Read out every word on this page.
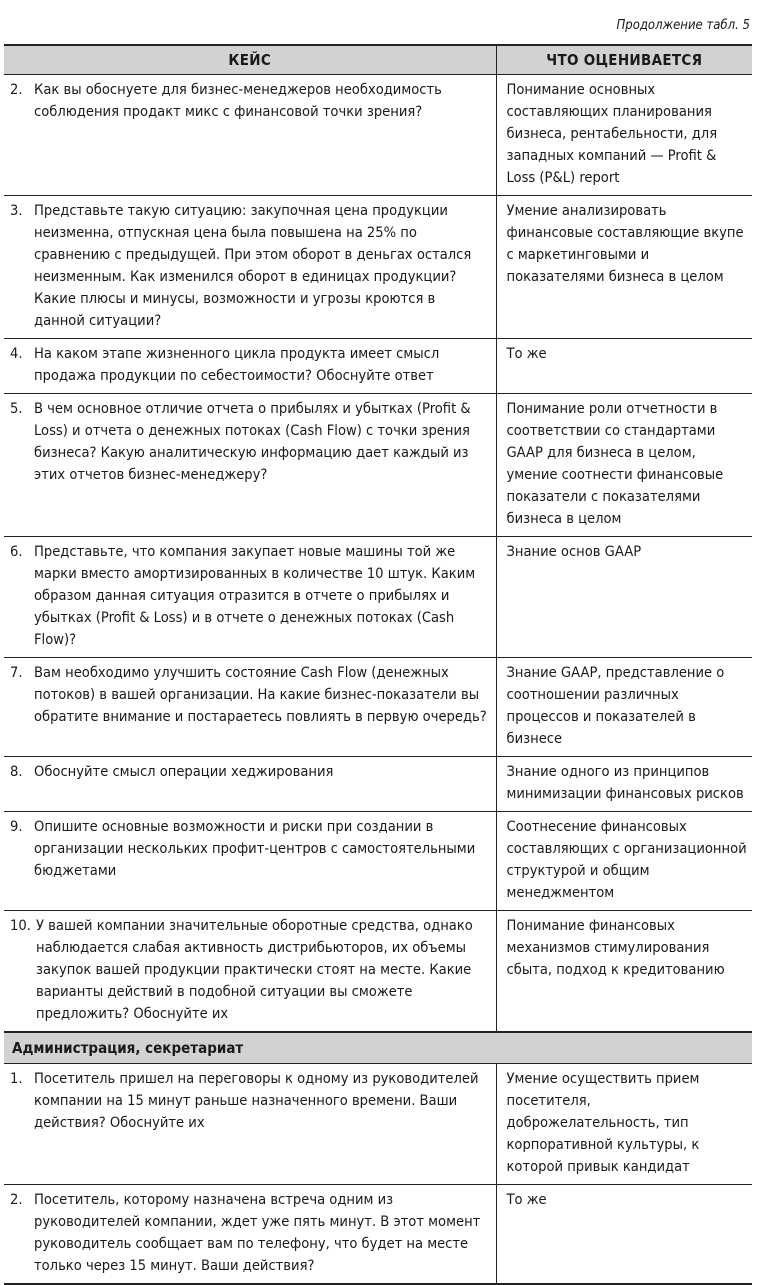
Продолжение табл. 5
КЕЙС	ЧТО ОЦЕНИВАЕТСЯ

2. Как вы обоснуете для бизнес-менеджеров необходимость соблюдения продакт микс с финансовой точки зрения?	Понимание основных составляющих планирования бизнеса, рентабельности, для западных компаний — Profit & Loss (P&L) report

3. Представьте такую ситуацию: закупочная цена продукции неизменна, отпускная цена была повышена на 25% по сравнению с предыдущей. При этом оборот в деньгах остался неизменным. Как изменился оборот в единицах продукции? Какие плюсы и минусы, возможности и угрозы кроются в данной ситуации?	Умение анализировать финансовые составляющие вкупе с маркетинговыми и показателями бизнеса в целом

4. На каком этапе жизненного цикла продукта имеет смысл продажа продукции по себестоимости? Обоснуйте ответ	То же

5. В чем основное отличие отчета о прибылях и убытках (Profit & Loss) и отчета о денежных потоках (Cash Flow) с точки зрения бизнеса? Какую аналитическую информацию дает каждый из этих отчетов бизнес-менеджеру?	Понимание роли отчетности в соответствии со стандартами GAAP для бизнеса в целом, умение соотнести финансовые показатели с показателями бизнеса в целом

6. Представьте, что компания закупает новые машины той же марки вместо амортизированных в количестве 10 штук. Каким образом данная ситуация отразится в отчете о прибылях и убытках (Profit & Loss) и в отчете о денежных потоках (Cash Flow)?	Знание основ GAAP

7. Вам необходимо улучшить состояние Cash Flow (денежных потоков) в вашей организации. На какие бизнес-показатели вы обратите внимание и постараетесь повлиять в первую очередь?	Знание GAAP, представление о соотношении различных процессов и показателей в бизнесе

8. Обоснуйте смысл операции хеджирования	Знание одного из принципов минимизации финансовых рисков

9. Опишите основные возможности и риски при создании в организации нескольких профит-центров с самостоятельными бюджетами	Соотнесение финансовых составляющих с организационной структурой и общим менеджментом

10. У вашей компании значительные оборотные средства, однако наблюдается слабая активность дистрибьюторов, их объемы закупок вашей продукции практически стоят на месте. Какие варианты действий в подобной ситуации вы сможете предложить? Обоснуйте их	Понимание финансовых механизмов стимулирования сбыта, подход к кредитованию
Администрация, секретариат	

1. Посетитель пришел на переговоры к одному из руководителей компании на 15 минут раньше назначенного времени. Ваши действия? Обоснуйте их	Умение осуществить прием посетителя, доброжелательность, тип корпоративной культуры, к которой привык кандидат

2. Посетитель, которому назначена встреча одним из руководителей компании, ждет уже пять минут. В этот момент руководитель сообщает вам по телефону, что будет на месте только через 15 минут. Ваши действия?	То же
